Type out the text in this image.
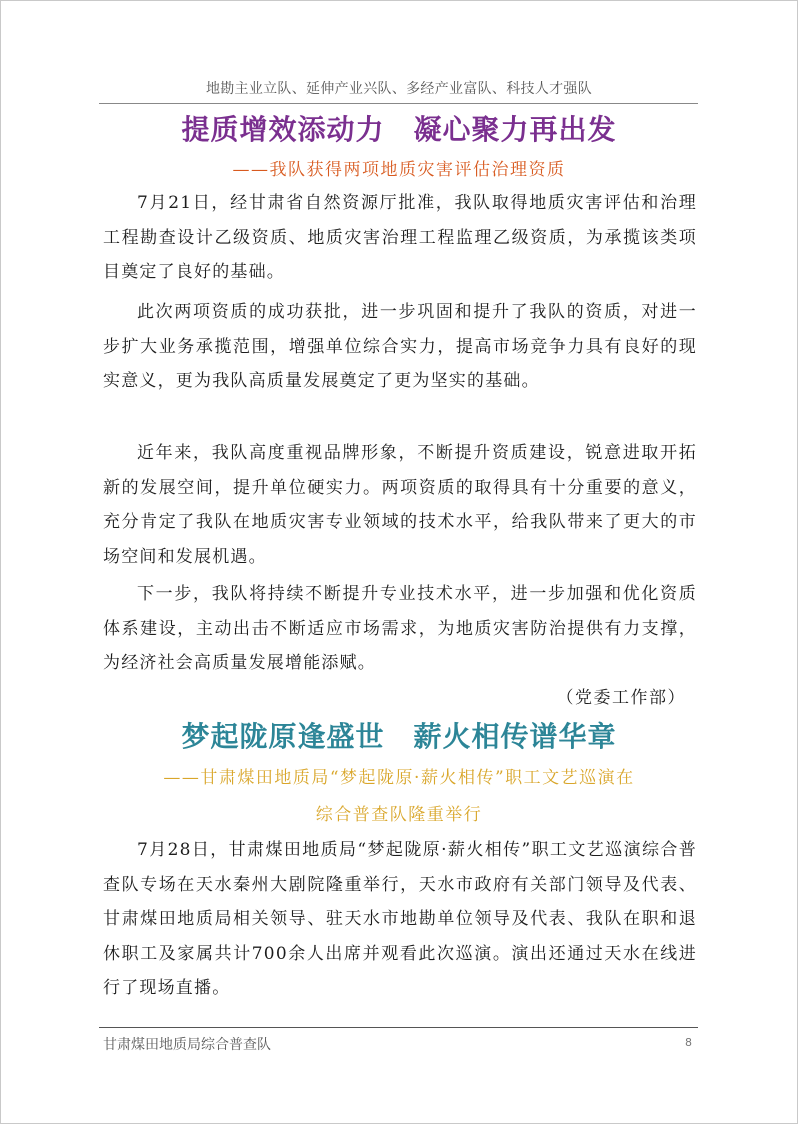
地勘主业立队、延伸产业兴队、多经产业富队、科技人才强队
提质增效添动力　凝心聚力再出发
——我队获得两项地质灾害评估治理资质

7月21日，经甘肃省自然资源厅批准，我队取得地质灾害评估和治理工程勘查设计乙级资质、地质灾害治理工程监理乙级资质，为承揽该类项目奠定了良好的基础。

此次两项资质的成功获批，进一步巩固和提升了我队的资质，对进一步扩大业务承揽范围，增强单位综合实力，提高市场竞争力具有良好的现实意义，更为我队高质量发展奠定了更为坚实的基础。

近年来，我队高度重视品牌形象，不断提升资质建设，锐意进取开拓新的发展空间，提升单位硬实力。两项资质的取得具有十分重要的意义，充分肯定了我队在地质灾害专业领域的技术水平，给我队带来了更大的市场空间和发展机遇。

下一步，我队将持续不断提升专业技术水平，进一步加强和优化资质体系建设，主动出击不断适应市场需求，为地质灾害防治提供有力支撑，为经济社会高质量发展增能添赋。

（党委工作部）
梦起陇原逢盛世　薪火相传谱华章
——甘肃煤田地质局“梦起陇原·薪火相传”职工文艺巡演在
综合普查队隆重举行

7月28日，甘肃煤田地质局“梦起陇原·薪火相传”职工文艺巡演综合普查队专场在天水秦州大剧院隆重举行，天水市政府有关部门领导及代表、甘肃煤田地质局相关领导、驻天水市地勘单位领导及代表、我队在职和退休职工及家属共计700余人出席并观看此次巡演。演出还通过天水在线进行了现场直播。

甘肃煤田地质局综合普查队	8
